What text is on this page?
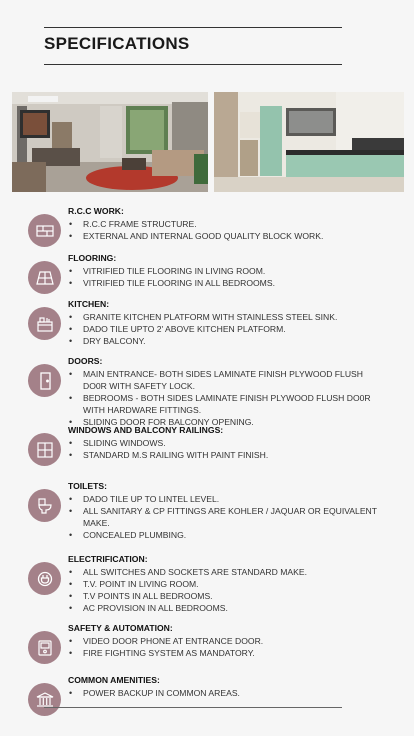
SPECIFICATIONS

R.C.C WORK:

• R.C.C FRAME STRUCTURE.
• EXTERNAL AND INTERNAL GOOD QUALITY BLOCK WORK.

FLOORING:

• VITRIFIED TILE FLOORING IN LIVING ROOM.
• VITRIFIED TILE FLOORING IN ALL BEDROOMS.

KITCHEN:

• GRANITE KITCHEN PLATFORM WITH STAINLESS STEEL SINK.
• DADO TILE UPTO 2' ABOVE KITCHEN PLATFORM.
• DRY BALCONY.

DOORS:

• MAIN ENTRANCE- BOTH SIDES LAMINATE FINISH PLYWOOD FLUSH DO0R WITH SAFETY LOCK.
• BEDROOMS - BOTH SIDES LAMINATE FINISH PLYWOOD FLUSH DO0R WITH HARDWARE FITTINGS.
• SLIDING DOOR FOR BALCONY OPENING.

WINDOWS AND BALCONY RAILINGS:

• SLIDING WINDOWS.
• STANDARD M.S RAILING WITH PAINT FINISH.

TOILETS:

• DADO TILE UP TO LINTEL LEVEL.
• ALL SANITARY & CP FITTINGS ARE KOHLER / JAQUAR OR EQUIVALENT MAKE.
• CONCEALED PLUMBING.

ELECTRIFICATION:

• ALL SWITCHES AND SOCKETS ARE STANDARD MAKE.
• T.V. POINT IN LIVING ROOM.
• T.V POINTS IN ALL BEDROOMS.
• AC PROVISION IN ALL BEDROOMS.

SAFETY & AUTOMATION:

• VIDEO DOOR PHONE AT ENTRANCE DOOR.
• FIRE FIGHTING SYSTEM AS MANDATORY.

COMMON AMENITIES:

• POWER BACKUP IN COMMON AREAS.
